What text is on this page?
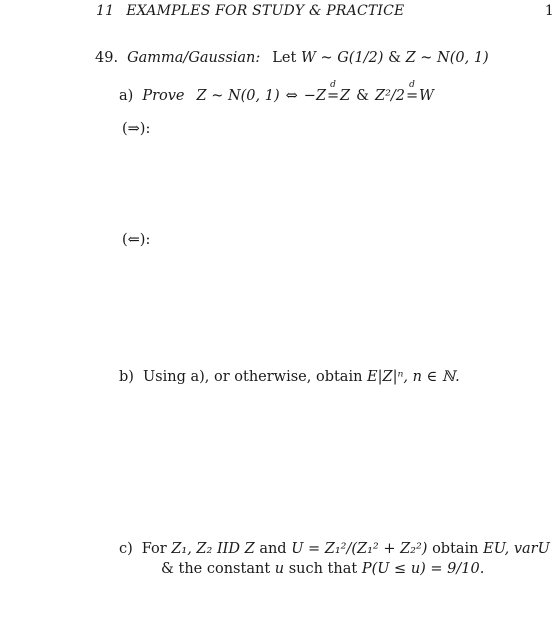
11 EXAMPLES FOR STUDY & PRACTICE	1
49. Gamma/Gaussian: Let W ~ G(1/2) & Z ~ N(0, 1)
a) Prove Z ~ N(0, 1) ⇔ −Z
d
=Z & Z²/2
d
=W
(⇒):
(⇐):
b) Using a), or otherwise, obtain E|Z|ⁿ, n ∈ ℕ.
c) For Z₁, Z₂ IID Z and U = Z₁²/(Z₁² + Z₂²) obtain EU, varU
& the constant u such that P(U ≤ u) = 9/10.
